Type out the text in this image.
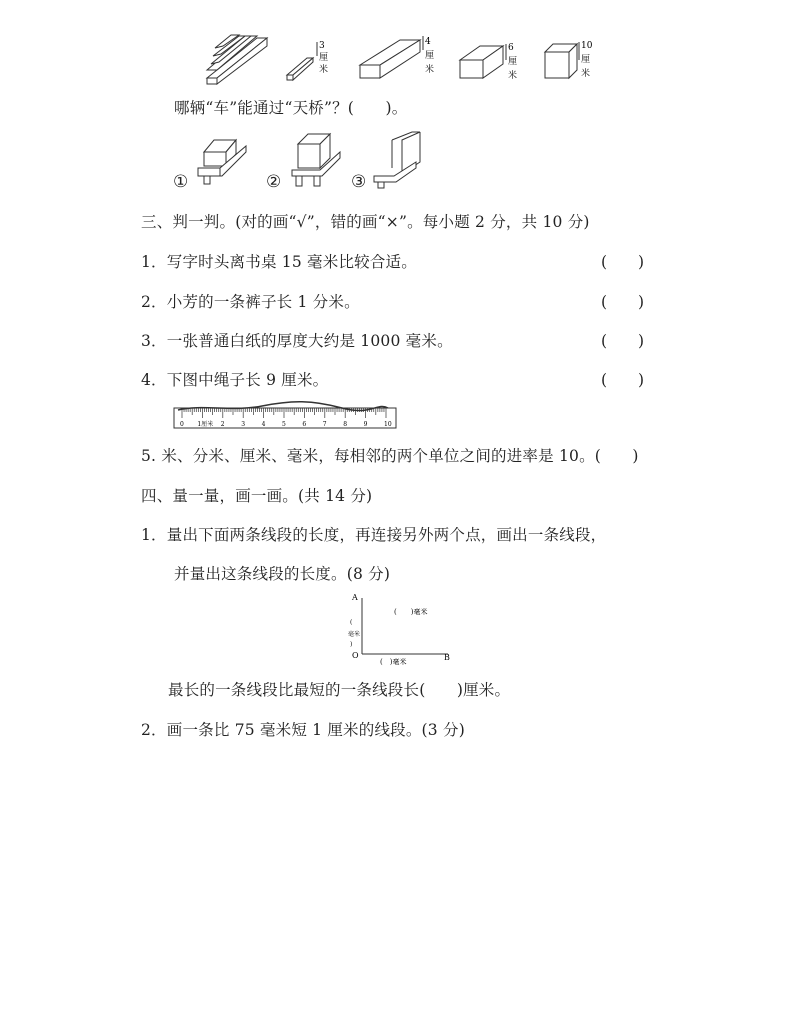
3
厘
米
4
厘
米
6
厘
米
10
厘
米
哪辆“车”能通过“天桥”？(　　)。
①	②	③
三、判一判。(对的画“√”，错的画“×”。每小题 2 分，共 10 分)
1．写字时头离书桌 15 毫米比较合适。	(　　)
2．小芳的一条裤子长 1 分米。	(　　)
3．一张普通白纸的厚度大约是 1000 毫米。	(　　)
4．下图中绳子长 9 厘米。	(　　)
0 1厘米 2	3	4	5	6	7	8	9	10
5. 米、分米、厘米、毫米，每相邻的两个单位之间的进率是 10。(　　)
四、量一量，画一画。(共 14 分)
1．量出下面两条线段的长度，再连接另外两个点，画出一条线段，
并量出这条线段的长度。(8 分)
A
O	B
(　　)毫米
(　)毫米
(
毫米
)
最长的一条线段比最短的一条线段长(　　)厘米。
2．画一条比 75 毫米短 1 厘米的线段。(3 分)
